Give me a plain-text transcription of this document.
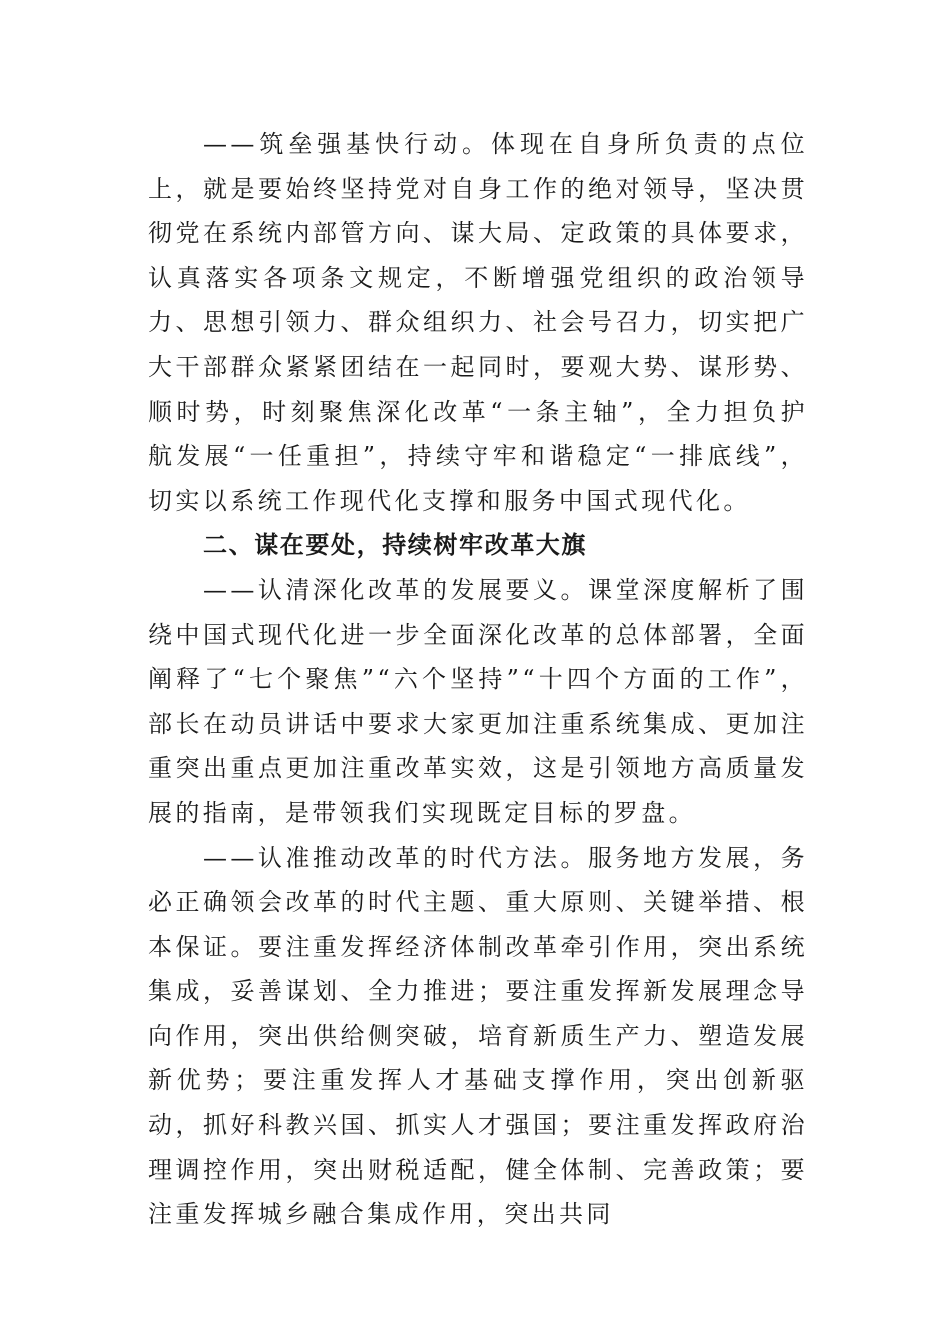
——筑垒强基快行动。体现在自身所负责的点位上，就是要始终坚持党对自身工作的绝对领导，坚决贯彻党在系统内部管方向、谋大局、定政策的具体要求，认真落实各项条文规定，不断增强党组织的政治领导力、思想引领力、群众组织力、社会号召力，切实把广大干部群众紧紧团结在一起同时，要观大势、谋形势、顺时势，时刻聚焦深化改革“一条主轴”，全力担负护航发展“一任重担”，持续守牢和谐稳定“一排底线”，切实以系统工作现代化支撑和服务中国式现代化。

二、谋在要处，持续树牢改革大旗

——认清深化改革的发展要义。课堂深度解析了围绕中国式现代化进一步全面深化改革的总体部署，全面阐释了“七个聚焦”“六个坚持”“十四个方面的工作”，部长在动员讲话中要求大家更加注重系统集成、更加注重突出重点更加注重改革实效，这是引领地方高质量发展的指南，是带领我们实现既定目标的罗盘。

——认准推动改革的时代方法。服务地方发展，务必正确领会改革的时代主题、重大原则、关键举措、根本保证。要注重发挥经济体制改革牵引作用，突出系统集成，妥善谋划、全力推进；要注重发挥新发展理念导向作用，突出供给侧突破，培育新质生产力、塑造发展新优势；要注重发挥人才基础支撑作用，突出创新驱动，抓好科教兴国、抓实人才强国；要注重发挥政府治理调控作用，突出财税适配，健全体制、完善政策；要注重发挥城乡融合集成作用，突出共同
